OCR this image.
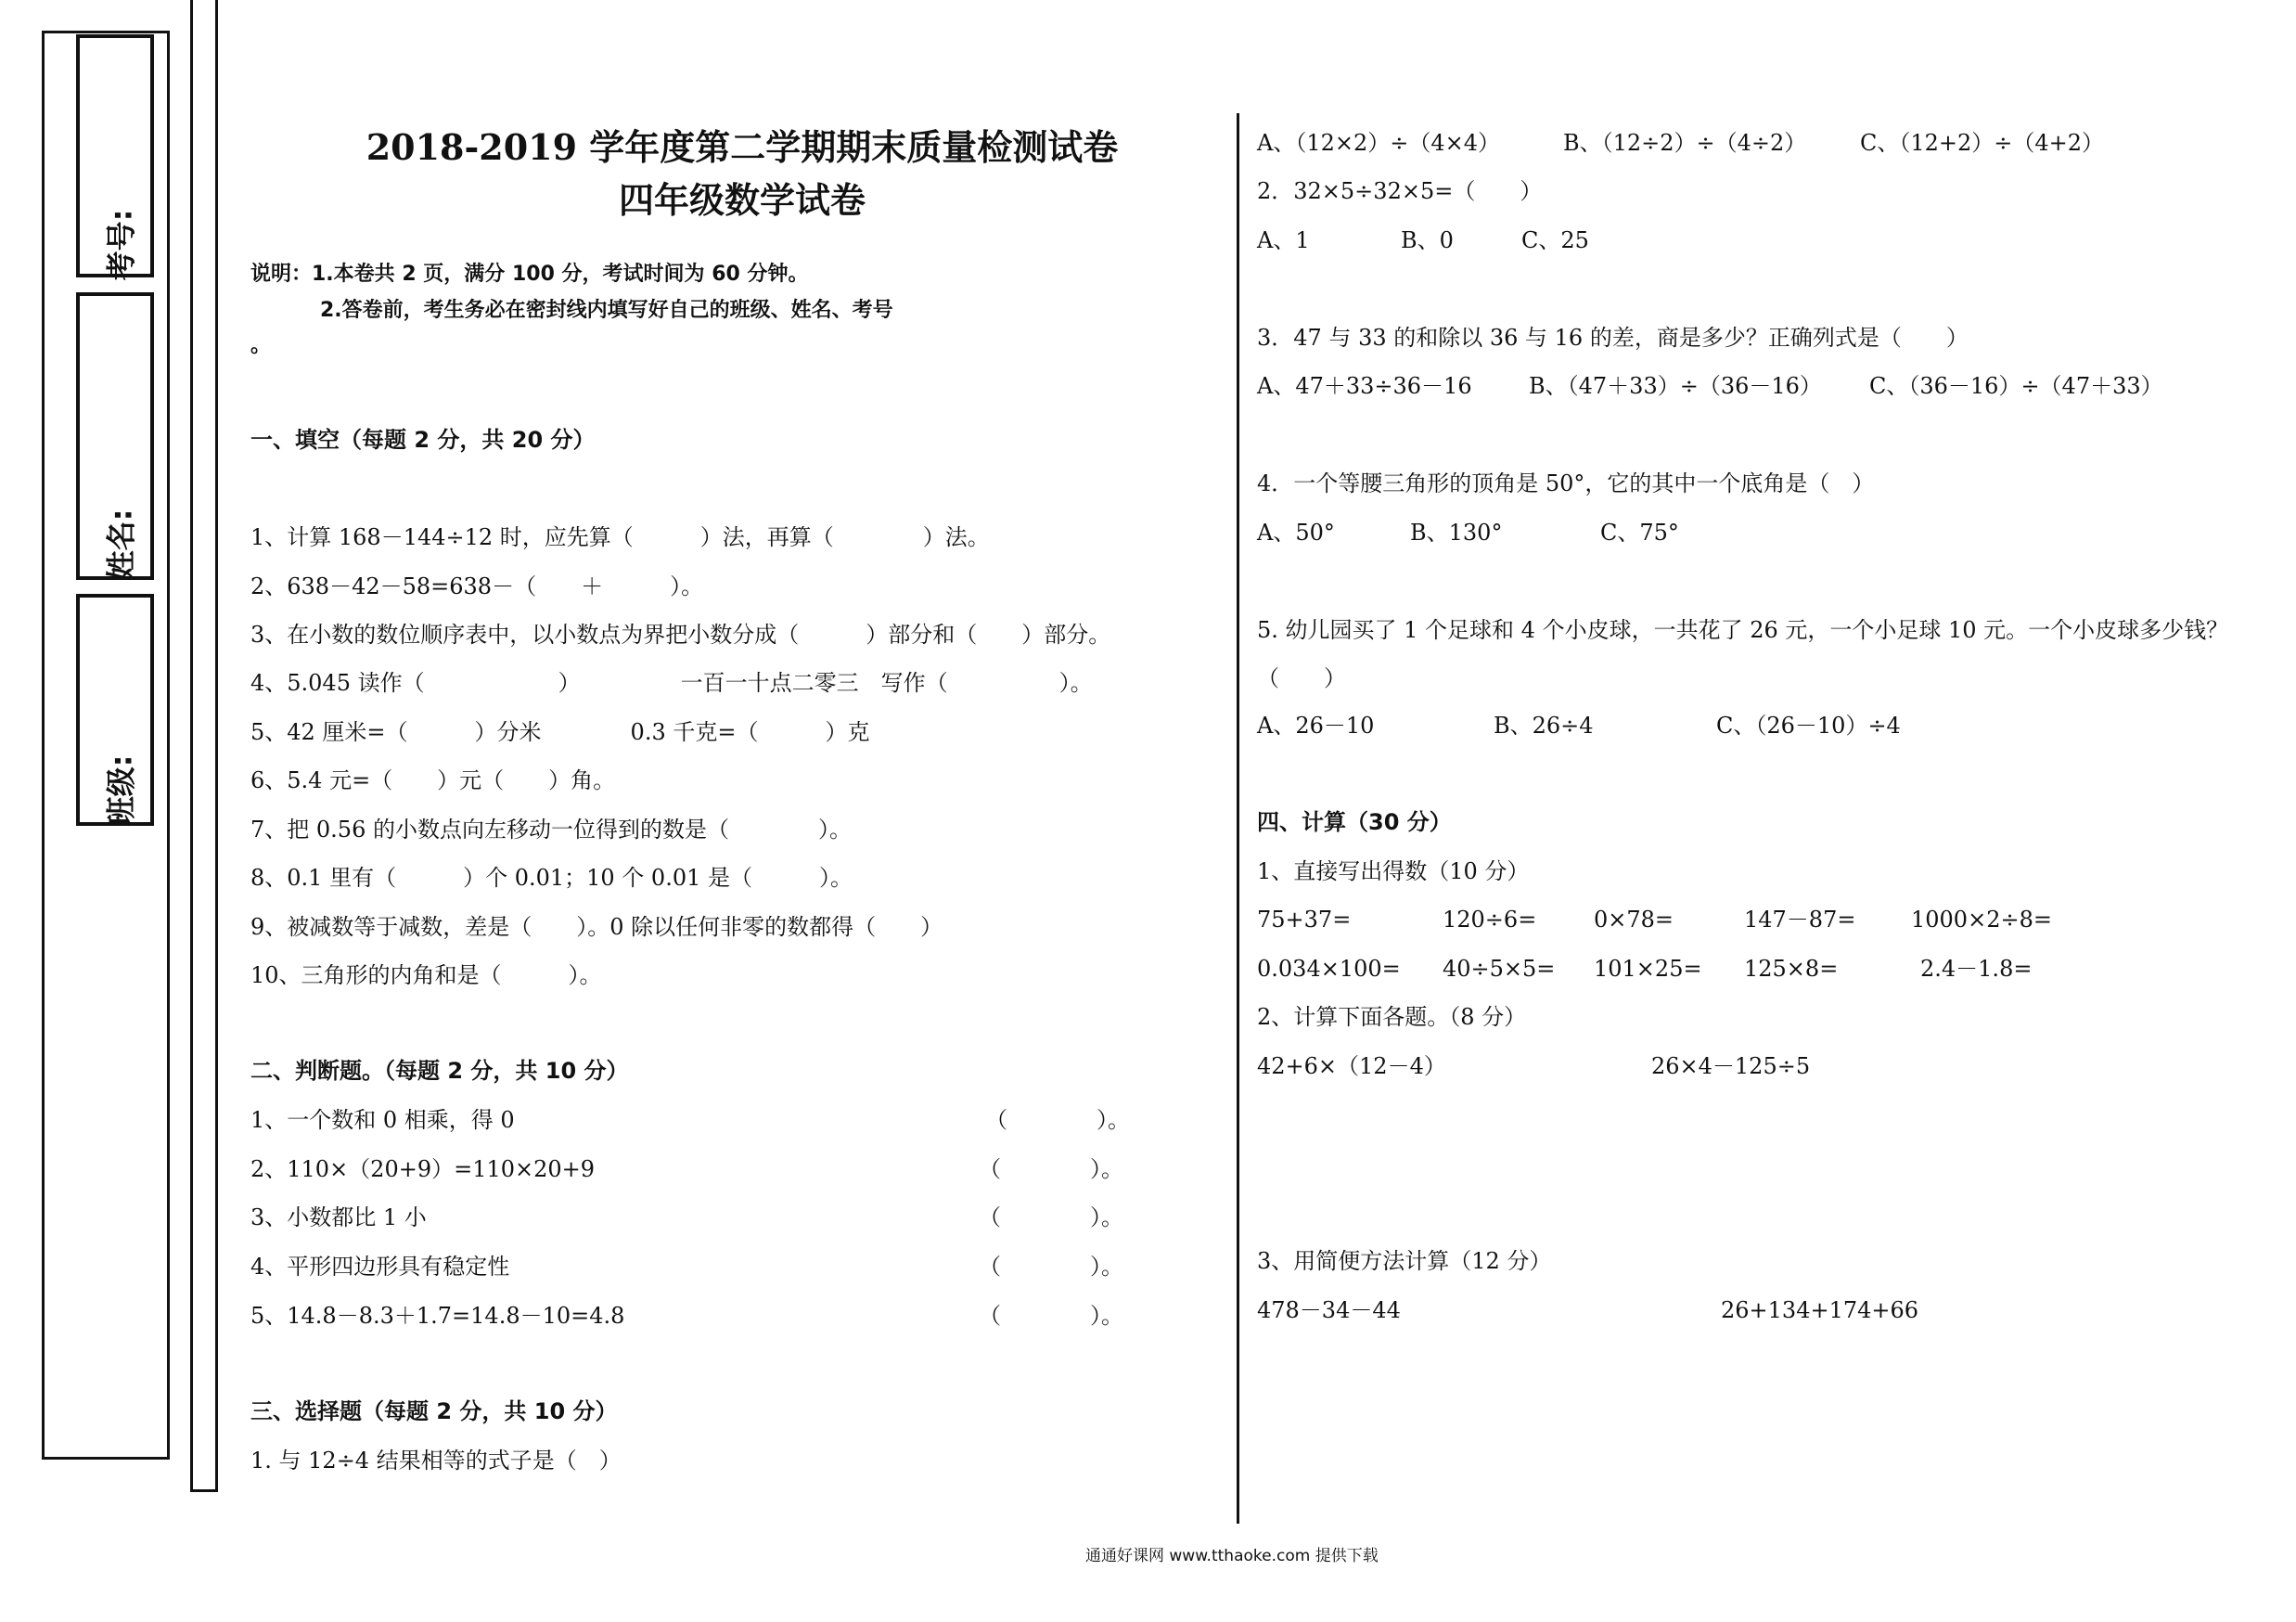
考号:
姓名:
班级:
2018-2019 学年度第二学期期末质量检测试卷
四年级数学试卷
说明：1.本卷共 2 页，满分 100 分，考试时间为 60 分钟。
2.答卷前，考生务必在密封线内填写好自己的班级、姓名、考号
。
一、填空（每题 2 分，共 20 分）
1、计算 168－144÷12 时，应先算（　　　）法，再算（　　　　）法。
2、638－42－58=638－（　　＋　　　）。
3、在小数的数位顺序表中，以小数点为界把小数分成（　　　）部分和（　　）部分。
4、5.045 读作（　　　　　　）　　　　　一百一十点二零三　写作（　　　　　）。
5、42 厘米=（　　　）分米　　　　0.3 千克=（　　　）克
6、5.4 元=（　　）元（　　）角。
7、把 0.56 的小数点向左移动一位得到的数是（　　　　）。
8、0.1 里有（　　　）个 0.01；10 个 0.01 是（　　　）。
9、被减数等于减数，差是（　　）。0 除以任何非零的数都得（　　）
10、三角形的内角和是（　　　）。
二、判断题。（每题 2 分，共 10 分）
1、一个数和 0 相乘，得 0	（　　　　）。
2、110×（20+9）=110×20+9	（　　　　）。
3、小数都比 1 小	（　　　　）。
4、平形四边形具有稳定性	（　　　　）。
5、14.8－8.3＋1.7=14.8－10=4.8	（　　　　）。
三、选择题（每题 2 分，共 10 分）
1. 与 12÷4 结果相等的式子是（　）
A、（12×2）÷（4×4）	B、（12÷2）÷（4÷2） C、（12+2）÷（4+2）
2．32×5÷32×5=（　　）
A、1	B、0	C、25
3．47 与 33 的和除以 36 与 16 的差，商是多少？正确列式是（　　）
A、47＋33÷36－16	B、（47＋33）÷（36－16） C、（36－16）÷（47＋33）
4．一个等腰三角形的顶角是 50°，它的其中一个底角是（　）
A、50°	B、130°	C、75°
5. 幼儿园买了 1 个足球和 4 个小皮球，一共花了 26 元，一个小足球 10 元。一个小皮球多少钱？
（　　）
A、26－10	B、26÷4	C、（26－10）÷4
四、计算（30 分）
1、直接写出得数（10 分）
75+37=	120÷6=	0×78=	147－87= 1000×2÷8=
0.034×100= 40÷5×5= 101×25= 125×8=	2.4－1.8=
2、计算下面各题。（8 分）
42+6×（12－4）	26×4－125÷5
3、用简便方法计算（12 分）
478－34－44	26+134+174+66
通通好课网 www.tthaoke.com 提供下载
